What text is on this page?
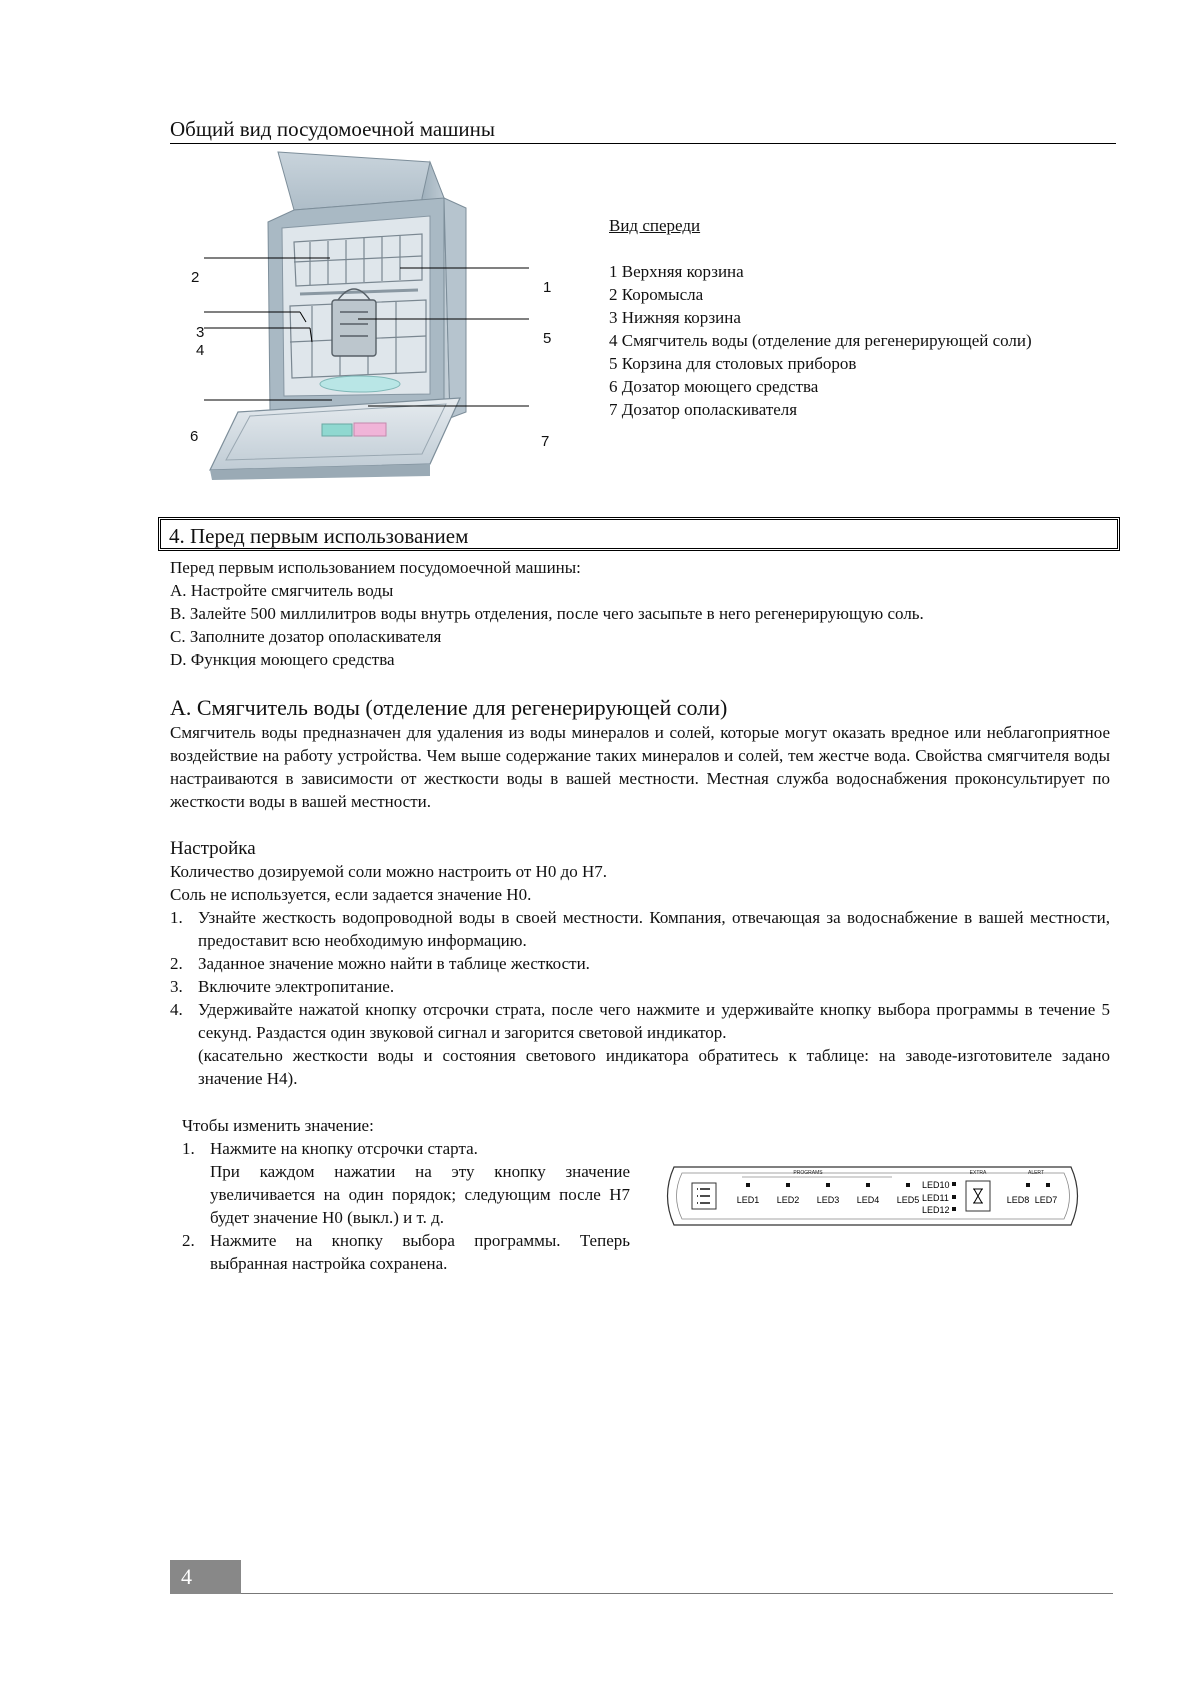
Общий вид посудомоечной машины
1
2
3
4
5
6	7
Вид спереди
1 Верхняя корзина
2 Коромысла
3 Нижняя корзина
4 Смягчитель воды (отделение для регенерирующей соли)
5 Корзина для столовых приборов
6 Дозатор моющего средства
7 Дозатор ополаскивателя
4. Перед первым использованием
Перед первым использованием посудомоечной машины:
A. Настройте смягчитель воды
B. Залейте 500 миллилитров воды внутрь отделения, после чего засыпьте в него регенерирующую соль.
C. Заполните дозатор ополаскивателя
D. Функция моющего средства
A. Смягчитель воды (отделение для регенерирующей соли)
Смягчитель воды предназначен для удаления из воды минералов и солей, которые могут оказать вредное или неблагоприятное воздействие на работу устройства. Чем выше содержание таких минералов и солей, тем жестче вода. Свойства смягчителя воды настраиваются в зависимости от жесткости воды в вашей местности. Местная служба водоснабжения проконсультирует по жесткости воды в вашей местности.
Настройка
Количество дозируемой соли можно настроить от H0 до H7.
Соль не используется, если задается значение H0.
1. Узнайте жесткость водопроводной воды в своей местности. Компания, отвечающая за водоснабжение в вашей местности, предоставит всю необходимую информацию.
2. Заданное значение можно найти в таблице жесткости.
3. Включите электропитание.
4. Удерживайте нажатой кнопку отсрочки страта, после чего нажмите и удерживайте кнопку выбора программы в течение 5 секунд. Раздастся один звуковой сигнал и загорится световой индикатор.
(касательно жесткости воды и состояния светового индикатора обратитесь к таблице: на заводе-изготовителе задано значение H4).
Чтобы изменить значение:
1. Нажмите на кнопку отсрочки старта.
При каждом нажатии на эту кнопку значение увеличивается на один порядок; следующим после H7 будет значение H0 (выкл.) и т. д.
2. Нажмите на кнопку выбора программы. Теперь выбранная настройка сохранена.
PROGRAMS	EXTRA	ALERT
LED1 LED2 LED3 LED4 LED5
LED10
LED11
LED12
LED8 LED7
4
